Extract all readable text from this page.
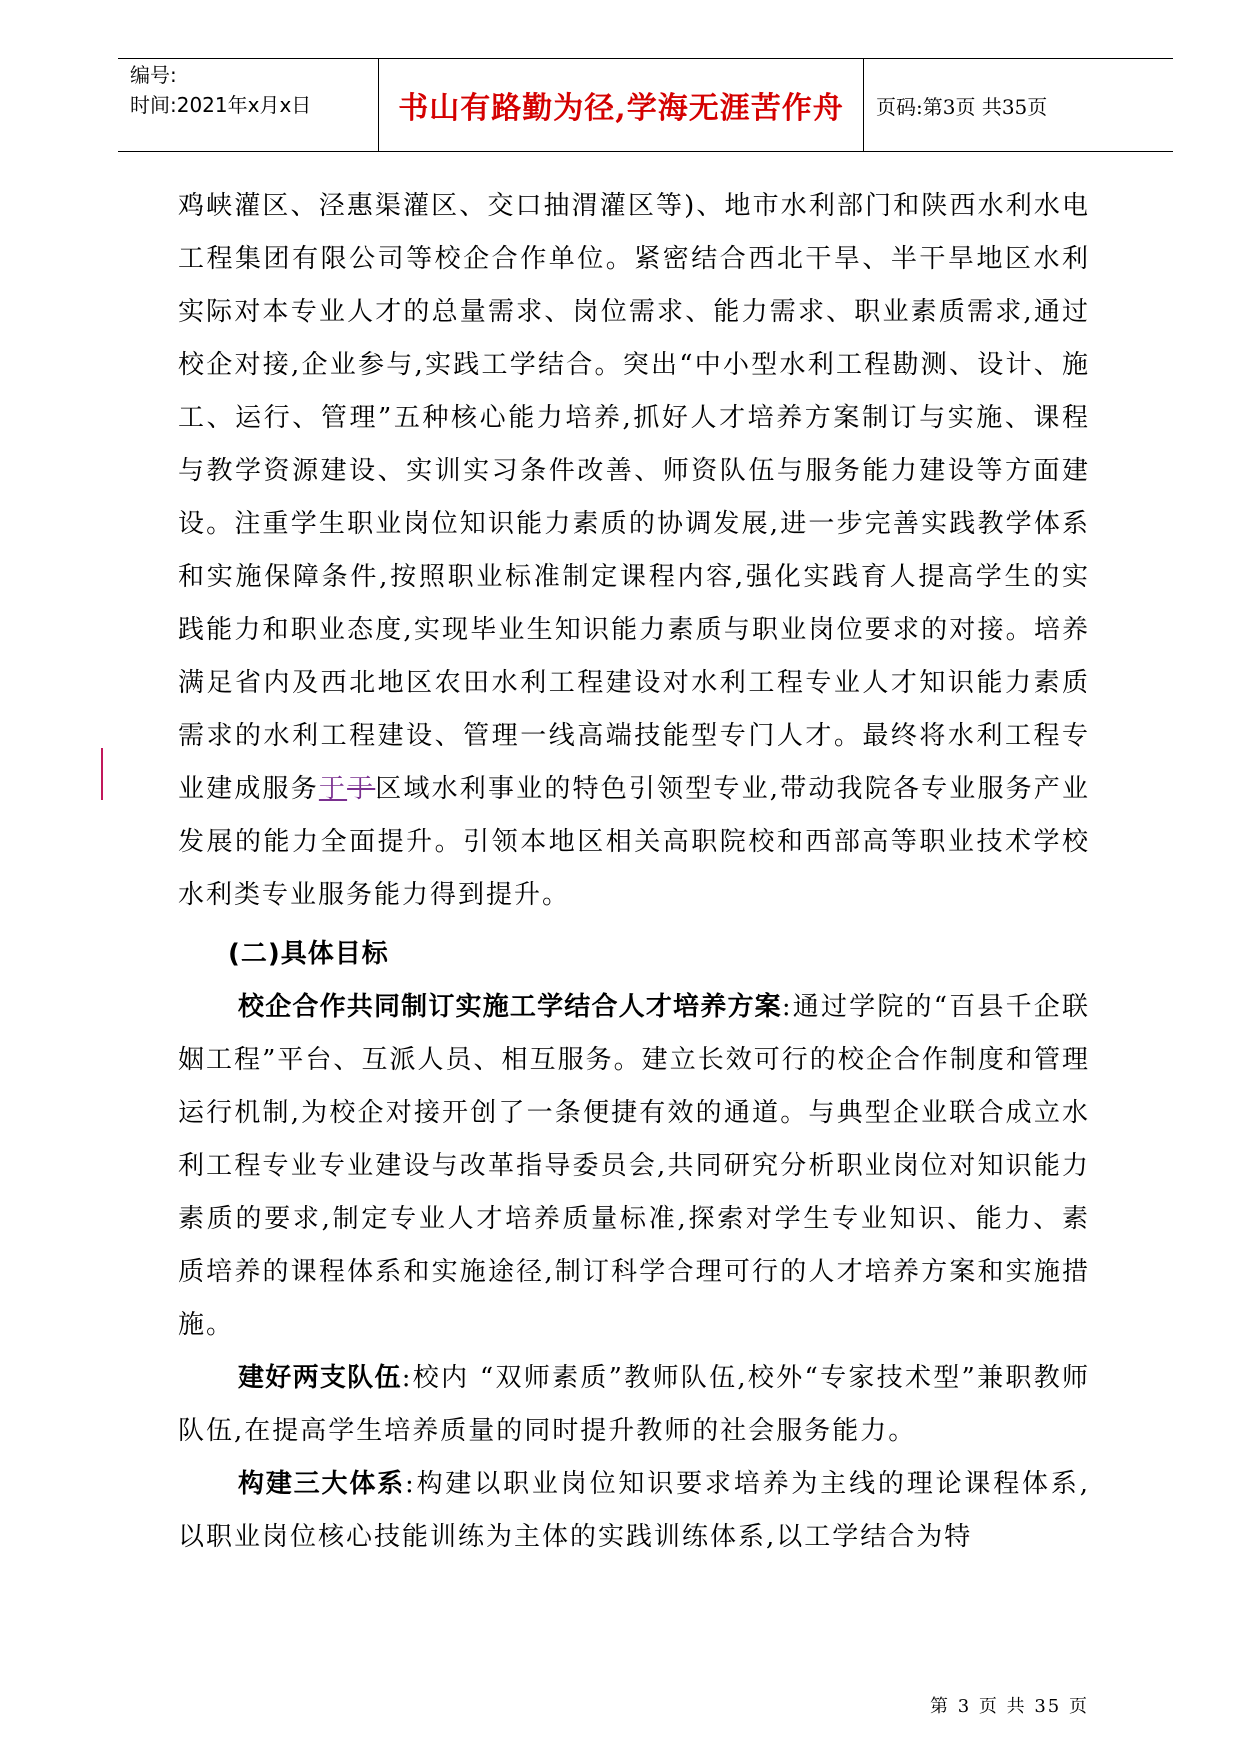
编号:
时间:2021年x月x日	书山有路勤为径,学海无涯苦作舟 页码:第3页 共35页

鸡峡灌区、泾惠渠灌区、交口抽渭灌区等)、地市水利部门和陕西水利水电工程集团有限公司等校企合作单位。紧密结合西北干旱、半干旱地区水利实际对本专业人才的总量需求、岗位需求、能力需求、职业素质需求,通过校企对接,企业参与,实践工学结合。突出“中小型水利工程勘测、设计、施工、运行、管理”五种核心能力培养,抓好人才培养方案制订与实施、课程与教学资源建设、实训实习条件改善、师资队伍与服务能力建设等方面建设。注重学生职业岗位知识能力素质的协调发展,进一步完善实践教学体系和实施保障条件,按照职业标准制定课程内容,强化实践育人提高学生的实践能力和职业态度,实现毕业生知识能力素质与职业岗位要求的对接。培养满足省内及西北地区农田水利工程建设对水利工程专业人才知识能力素质需求的水利工程建设、管理一线高端技能型专门人才。最终将水利工程专业建成服务于于区域水利事业的特色引领型专业,带动我院各专业服务产业发展的能力全面提升。引领本地区相关高职院校和西部高等职业技术学校水利类专业服务能力得到提升。

(二)具体目标

校企合作共同制订实施工学结合人才培养方案:通过学院的“百县千企联姻工程”平台、互派人员、相互服务。建立长效可行的校企合作制度和管理运行机制,为校企对接开创了一条便捷有效的通道。与典型企业联合成立水利工程专业专业建设与改革指导委员会,共同研究分析职业岗位对知识能力素质的要求,制定专业人才培养质量标准,探索对学生专业知识、能力、素质培养的课程体系和实施途径,制订科学合理可行的人才培养方案和实施措施。

建好两支队伍:校内 “双师素质”教师队伍,校外“专家技术型”兼职教师队伍,在提高学生培养质量的同时提升教师的社会服务能力。

构建三大体系:构建以职业岗位知识要求培养为主线的理论课程体系,以职业岗位核心技能训练为主体的实践训练体系,以工学结合为特

第 3 页 共 35 页
